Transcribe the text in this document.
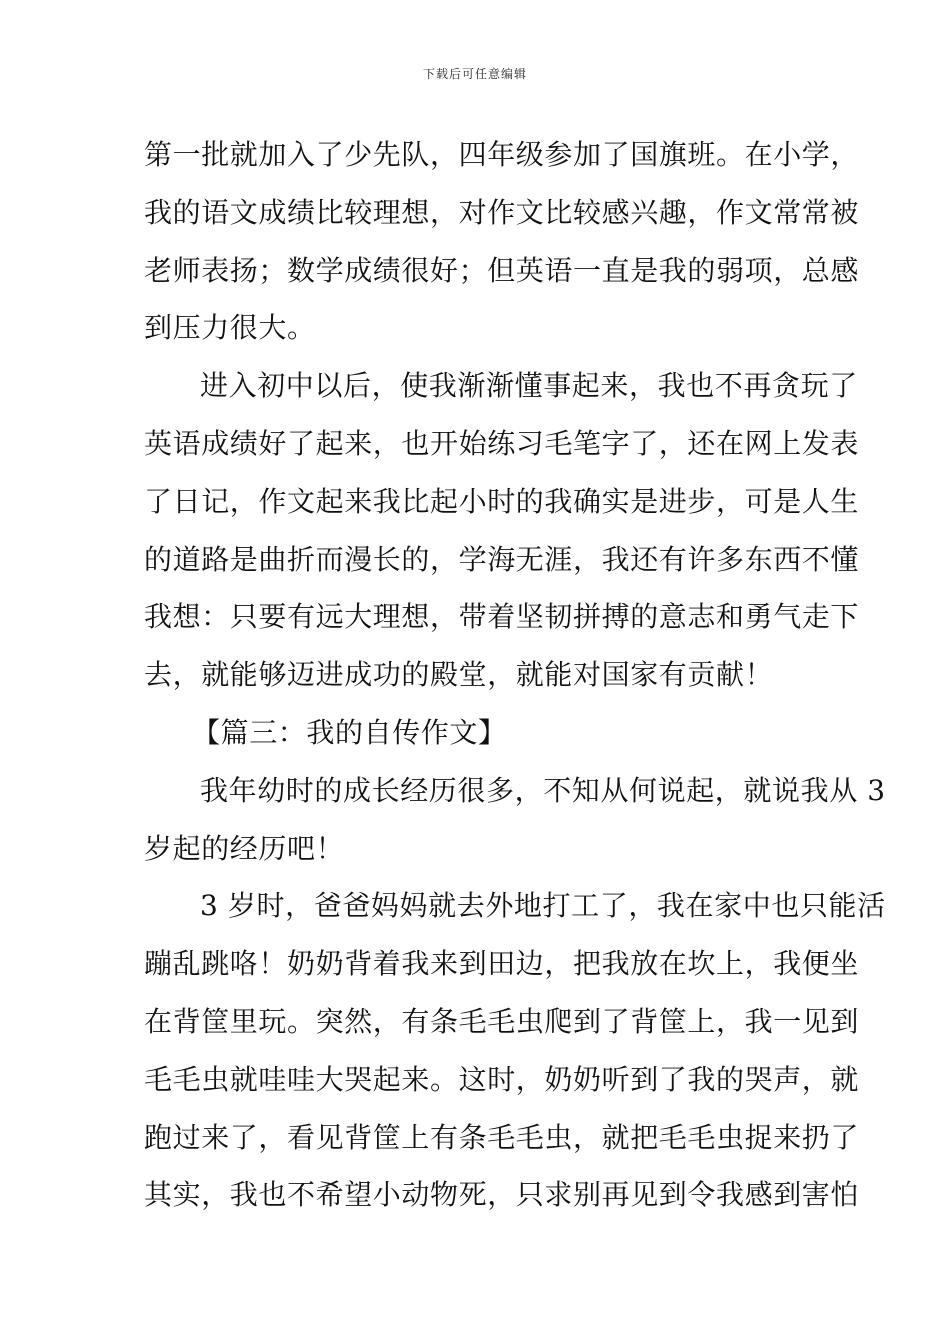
下载后可任意编辑
第一批就加入了少先队，四年级参加了国旗班。在小学，
我的语文成绩比较理想，对作文比较感兴趣，作文常常被
老师表扬；数学成绩很好；但英语一直是我的弱项，总感
到压力很大。
进入初中以后，使我渐渐懂事起来，我也不再贪玩了
英语成绩好了起来，也开始练习毛笔字了，还在网上发表
了日记，作文起来我比起小时的我确实是进步，可是人生
的道路是曲折而漫长的，学海无涯，我还有许多东西不懂
我想：只要有远大理想，带着坚韧拼搏的意志和勇气走下
去，就能够迈进成功的殿堂，就能对国家有贡献！
【篇三：我的自传作文】
我年幼时的成长经历很多，不知从何说起，就说我从 3
岁起的经历吧！
3 岁时，爸爸妈妈就去外地打工了，我在家中也只能活
蹦乱跳咯！奶奶背着我来到田边，把我放在坎上，我便坐
在背筐里玩。突然，有条毛毛虫爬到了背筐上，我一见到
毛毛虫就哇哇大哭起来。这时，奶奶听到了我的哭声，就
跑过来了，看见背筐上有条毛毛虫，就把毛毛虫捉来扔了
其实，我也不希望小动物死，只求别再见到令我感到害怕
